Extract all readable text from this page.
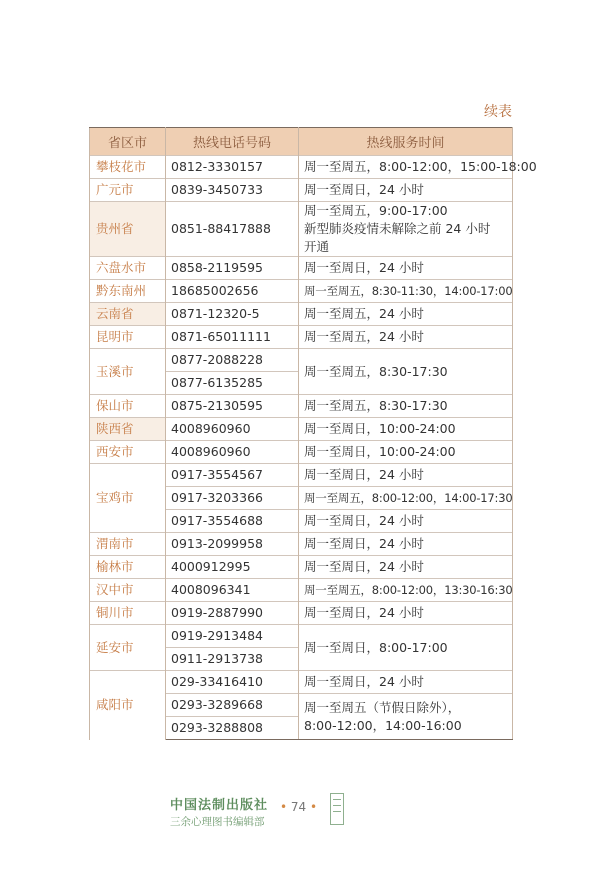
续表
省区市	热线电话号码	热线服务时间
攀枝花市	0812-3330157	周一至周五，8:00-12:00，15:00-18:00
广元市	0839-3450733	周一至周日，24 小时
贵州省	0851-88417888	周一至周五，9:00-17:00
新型肺炎疫情未解除之前 24 小时
开通

六盘水市	0858-2119595	周一至周日，24 小时
黔东南州	18685002656	周一至周五，8:30-11:30，14:00-17:00
云南省	0871-12320-5	周一至周五，24 小时
昆明市	0871-65011111	周一至周五，24 小时
玉溪市	0877-2088228	周一至周五，8:30-17:30
	0877-6135285	
保山市	0875-2130595	周一至周五，8:30-17:30
陕西省	4008960960	周一至周日，10:00-24:00
西安市	4008960960	周一至周日，10:00-24:00
宝鸡市	0917-3554567	周一至周日，24 小时
	0917-3203366	周一至周五，8:00-12:00，14:00-17:30
	0917-3554688	周一至周日，24 小时
渭南市	0913-2099958	周一至周日，24 小时
榆林市	4000912995	周一至周日，24 小时
汉中市	4008096341	周一至周五，8:00-12:00，13:30-16:30
铜川市	0919-2887990	周一至周日，24 小时
延安市	0919-2913484	周一至周日，8:00-17:00
	0911-2913738	
咸阳市	029-33416410	周一至周日，24 小时
	0293-3289668	周一至周五（节假日除外），
8:00-12:00，14:00-16:00

	0293-3288808	
中国法制出版社
三余心理图书编辑部
• 74 •
